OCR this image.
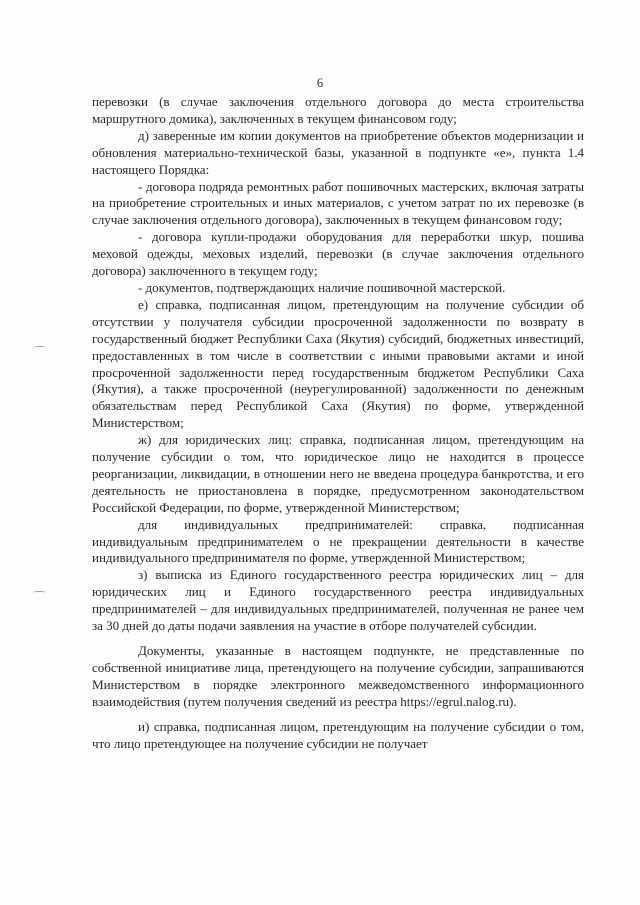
6

перевозки (в случае заключения отдельного договора до места строительства маршрутного домика), заключенных в текущем финансовом году;

д) заверенные им копии документов на приобретение объектов модернизации и обновления материально-технической базы, указанной в подпункте «е», пункта 1.4 настоящего Порядка:

- договора подряда ремонтных работ пошивочных мастерских, включая затраты на приобретение строительных и иных материалов, с учетом затрат по их перевозке (в случае заключения отдельного договора), заключенных в текущем финансовом году;

- договора купли-продажи оборудования для переработки шкур, пошива меховой одежды, меховых изделий, перевозки (в случае заключения отдельного договора) заключенного в текущем году;

- документов, подтверждающих наличие пошивочной мастерской.

е) справка, подписанная лицом, претендующим на получение субсидии об отсутствии у получателя субсидии просроченной задолженности по возврату в государственный бюджет Республики Саха (Якутия) субсидий, бюджетных инвестиций, предоставленных в том числе в соответствии с иными правовыми актами и иной просроченной задолженности перед государственным бюджетом Республики Саха (Якутия), а также просроченной (неурегулированной) задолженности по денежным обязательствам перед Республикой Саха (Якутия) по форме, утвержденной Министерством;

ж) для юридических лиц: справка, подписанная лицом, претендующим на получение субсидии о том, что юридическое лицо не находится в процессе реорганизации, ликвидации, в отношении него не введена процедура банкротства, и его деятельность не приостановлена в порядке, предусмотренном законодательством Российской Федерации, по форме, утвержденной Министерством;

для индивидуальных предпринимателей: справка, подписанная индивидуальным предпринимателем о не прекращении деятельности в качестве индивидуального предпринимателя по форме, утвержденной Министерством;

з) выписка из Единого государственного реестра юридических лиц – для юридических лиц и Единого государственного реестра индивидуальных предпринимателей – для индивидуальных предпринимателей, полученная не ранее чем за 30 дней до даты подачи заявления на участие в отборе получателей субсидии.

Документы, указанные в настоящем подпункте, не представленные по собственной инициативе лица, претендующего на получение субсидии, запрашиваются Министерством в порядке электронного межведомственного информационного взаимодействия (путем получения сведений из реестра https://egrul.nalog.ru).

и) справка, подписанная лицом, претендующим на получение субсидии о том, что лицо претендующее на получение субсидии не получает
